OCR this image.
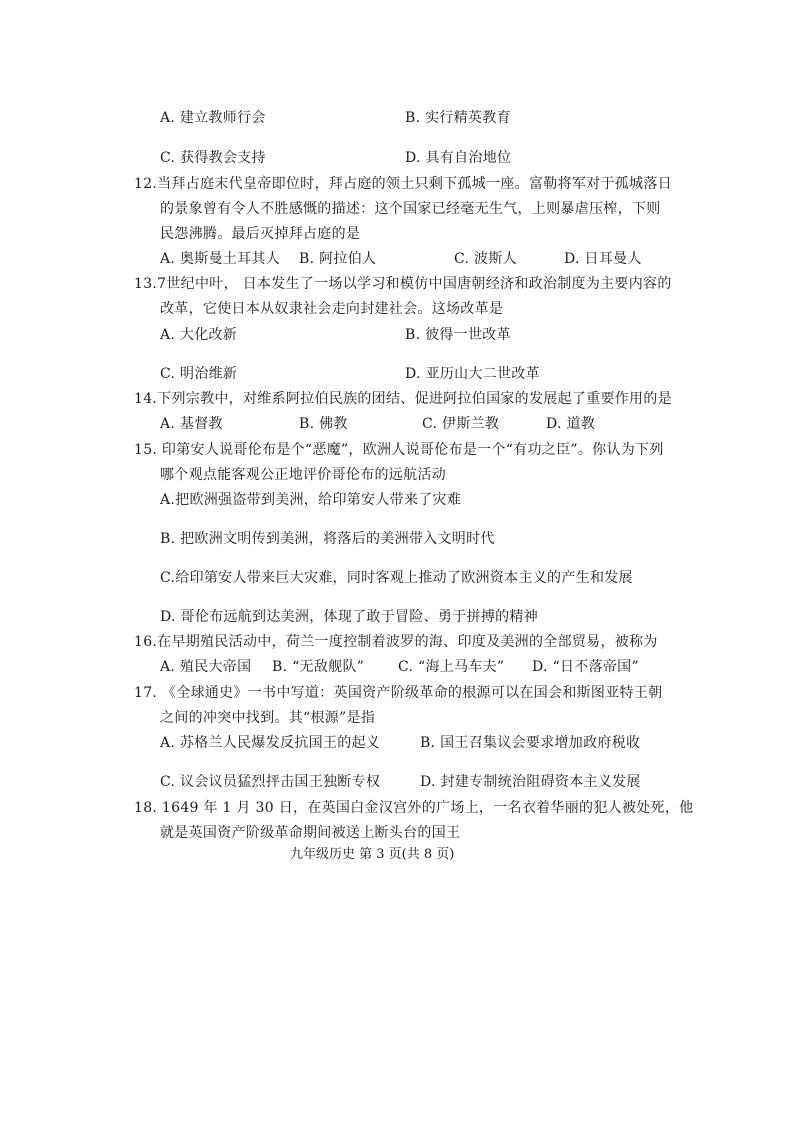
A. 建立教师行会	B. 实行精英教育
C. 获得教会支持	D. 具有自治地位
12.当拜占庭末代皇帝即位时，拜占庭的领土只剩下孤城一座。富勒将军对于孤城落日
的景象曾有令人不胜感慨的描述：这个国家已经毫无生气，上则暴虐压榨，下则
民怨沸腾。最后灭掉拜占庭的是
A. 奥斯曼土耳其人 B. 阿拉伯人	C. 波斯人	D. 日耳曼人
13.7世纪中叶， 日本发生了一场以学习和模仿中国唐朝经济和政治制度为主要内容的
改革，它使日本从奴隶社会走向封建社会。这场改革是
A. 大化改新	B. 彼得一世改革
C. 明治维新	D. 亚历山大二世改革
14.下列宗教中，对维系阿拉伯民族的团结、促进阿拉伯国家的发展起了重要作用的是
A. 基督教	B. 佛教	C. 伊斯兰教	D. 道教
15. 印第安人说哥伦布是个“恶魔”，欧洲人说哥伦布是一个“有功之臣”。你认为下列
哪个观点能客观公正地评价哥伦布的远航活动
A.把欧洲强盗带到美洲，给印第安人带来了灾难
B. 把欧洲文明传到美洲，将落后的美洲带入文明时代
C.给印第安人带来巨大灾难，同时客观上推动了欧洲资本主义的产生和发展
D. 哥伦布远航到达美洲，体现了敢于冒险、勇于拼搏的精神
16.在早期殖民活动中，荷兰一度控制着波罗的海、印度及美洲的全部贸易，被称为
A. 殖民大帝国 B. “无敌舰队” C. “海上马车夫” D. “日不落帝国”
17. 《全球通史》一书中写道：英国资产阶级革命的根源可以在国会和斯图亚特王朝
之间的冲突中找到。其“根源”是指
A. 苏格兰人民爆发反抗国王的起义	B. 国王召集议会要求增加政府税收
C. 议会议员猛烈抨击国王独断专权	D. 封建专制统治阻碍资本主义发展
18. 1649 年 1 月 30 日，在英国白金汉宫外的广场上，一名衣着华丽的犯人被处死，他
就是英国资产阶级革命期间被送上断头台的国王
九年级历史 第 3 页(共 8 页)
